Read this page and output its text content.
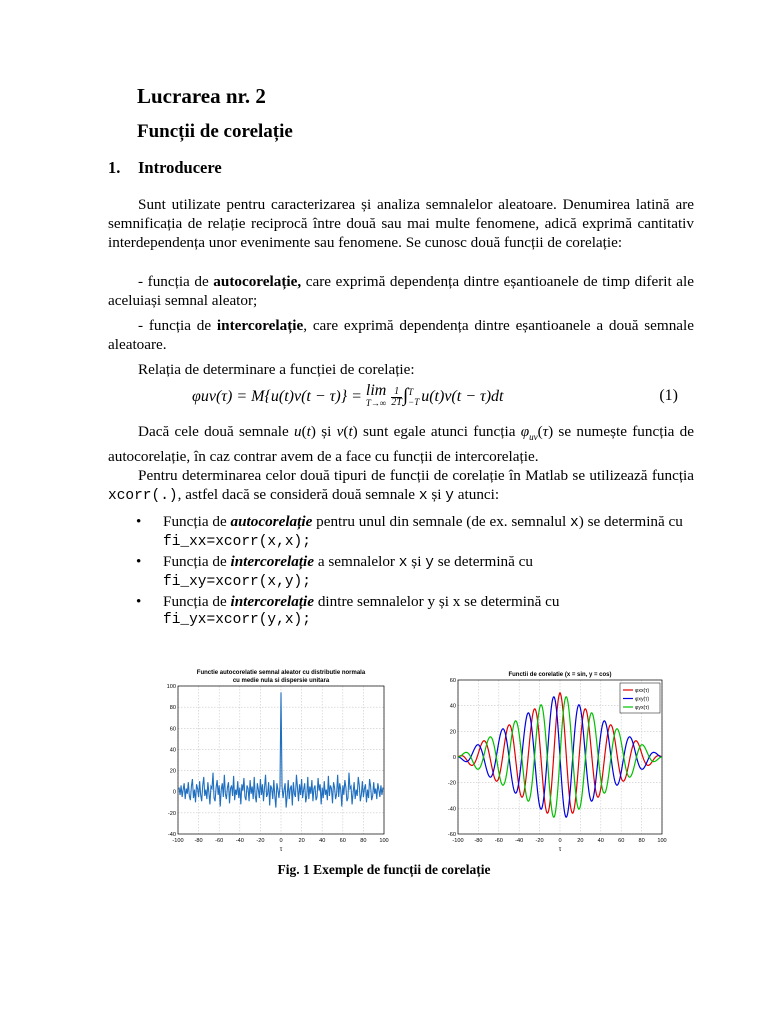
Lucrarea nr. 2
Funcții de corelație
1. Introducere
Sunt utilizate pentru caracterizarea și analiza semnalelor aleatoare. Denumirea latină are semnificația de relație reciprocă între două sau mai multe fenomene, adică exprimă cantitativ interdependența unor evenimente sau fenomene. Se cunosc două funcții de corelație:
- funcția de autocorelație, care exprimă dependența dintre eșantioanele de timp diferit ale aceluiași semnal aleator;
- funcția de intercorelație, care exprimă dependența dintre eșantioanele a două semnale aleatoare.
Relația de determinare a funcției de corelație:
φuv(τ) = M{u(t)v(t − τ)} = lim
T→∞
$\frac{1}{2T}$ ∫ T
−T u(t)v(t − τ)dt	(1)
Dacă cele două semnale u(t) și v(t) sunt egale atunci funcția $\varphi_{uv}(\tau)$ se numește funcția de autocorelație, în caz contrar avem de a face cu funcții de intercorelație.
Pentru determinarea celor două tipuri de funcții de corelație în Matlab se utilizează funcția xcorr(.), astfel dacă se consideră două semnale x și y atunci:
• Funcția de autocorelație pentru unul din semnale (de ex. semnalul x) se determină cu
fi_xx=xcorr(x,x);
• Funcția de intercorelație a semnalelor x și y se determină cu
fi_xy=xcorr(x,y);
• Funcția de intercorelație dintre semnalelor y și x se determină cu
fi_yx=xcorr(y,x);
-100 -80 -60 -40 -20	0	20	40	60	80 100
-40
-20
0
20
40
60
80
100
Functie autocorelatie semnal aleator cu distributie normala
cu medie nula si dispersie unitara
τ
-100 -80 -60 -40 -20	0	20	40	60	80 100
-60
-40
-20
0
20
40
60
Functii de corelatie (x = sin, y = cos)
τ
φxx(τ)
φxy(τ)
φyx(τ)
Fig. 1 Exemple de funcții de corelație
